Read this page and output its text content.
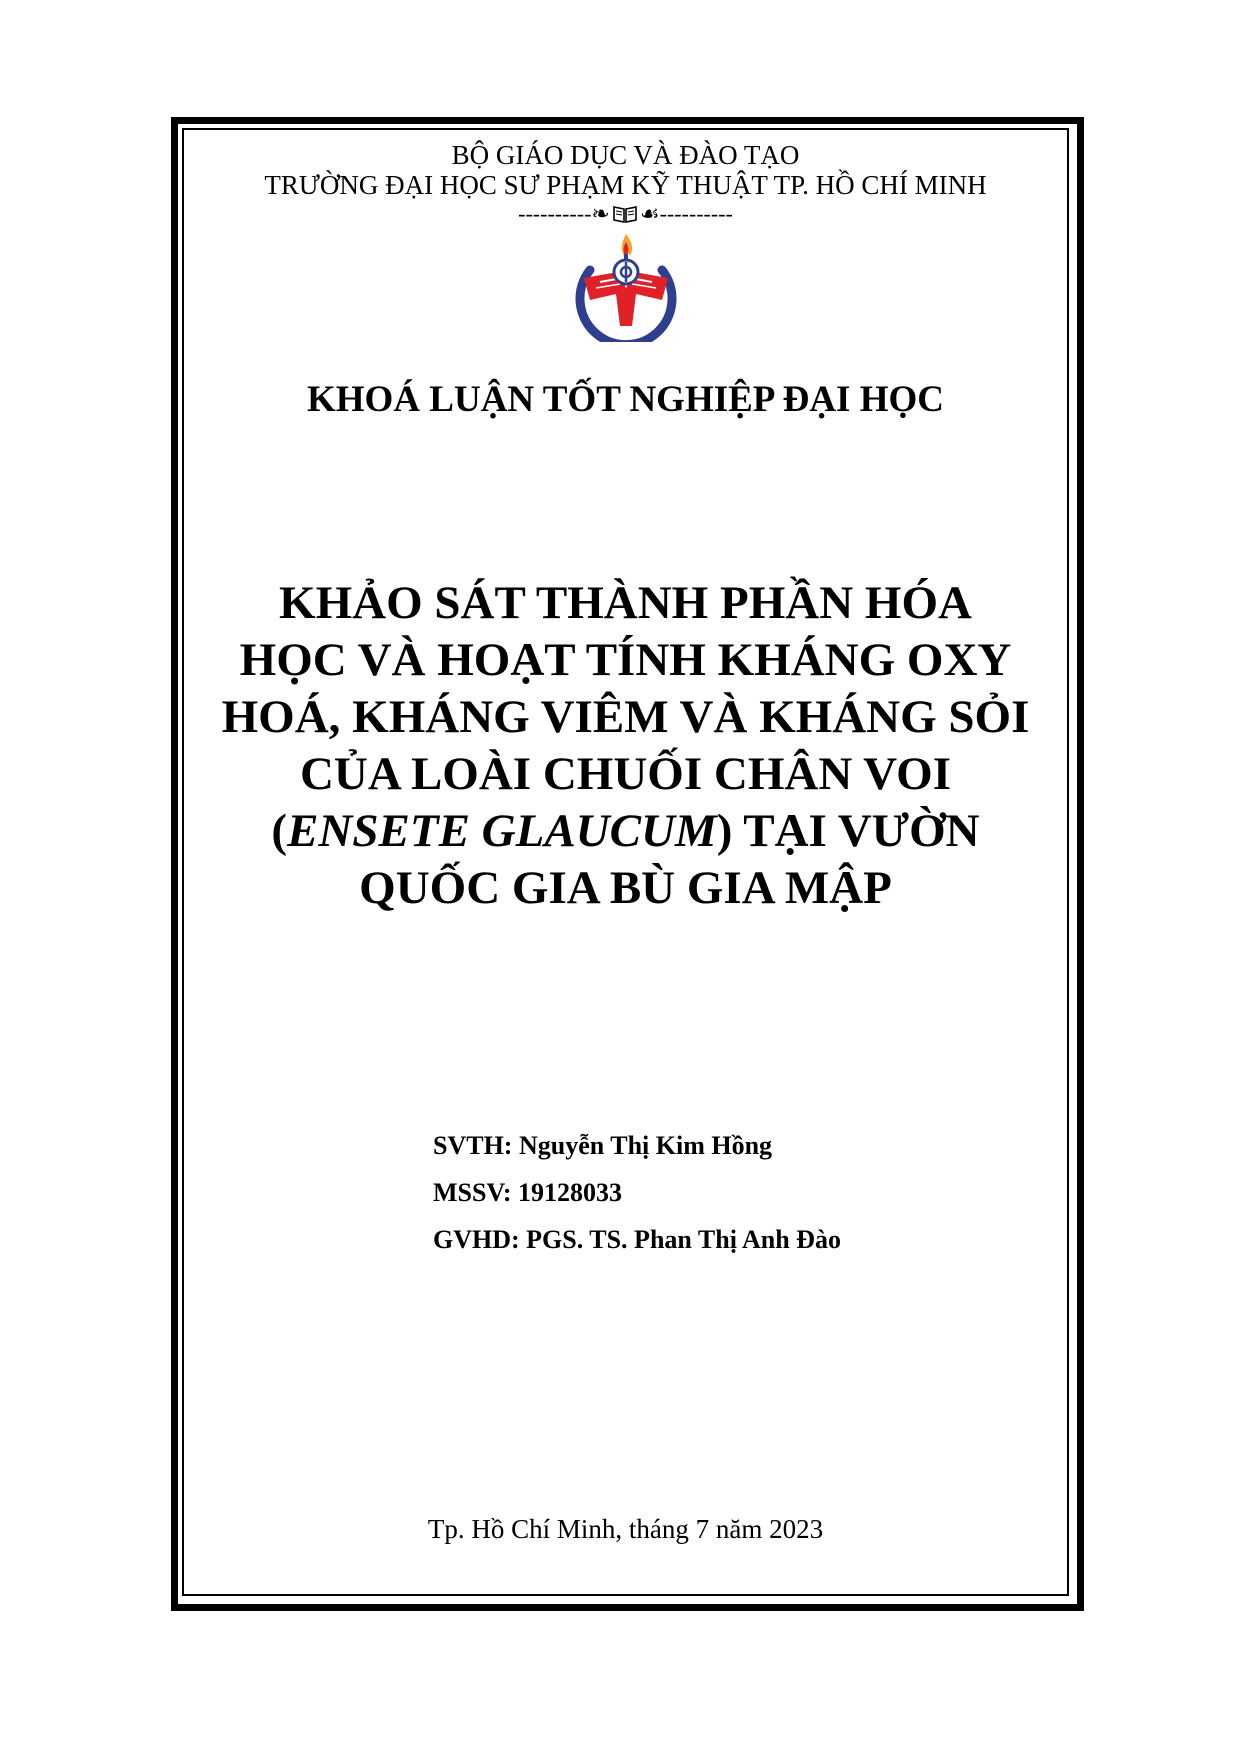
BỘ GIÁO DỤC VÀ ĐÀO TẠO
TRƯỜNG ĐẠI HỌC SƯ PHẠM KỸ THUẬT TP. HỒ CHÍ MINH
----------❧ ☙----------
KHOÁ LUẬN TỐT NGHIỆP ĐẠI HỌC
KHẢO SÁT THÀNH PHẦN HÓA
HỌC VÀ HOẠT TÍNH KHÁNG OXY
HOÁ, KHÁNG VIÊM VÀ KHÁNG SỎI
CỦA LOÀI CHUỐI CHÂN VOI
(ENSETE GLAUCUM) TẠI VƯỜN
QUỐC GIA BÙ GIA MẬP
SVTH: Nguyễn Thị Kim Hồng
MSSV: 19128033
GVHD: PGS. TS. Phan Thị Anh Đào
Tp. Hồ Chí Minh, tháng 7 năm 2023
